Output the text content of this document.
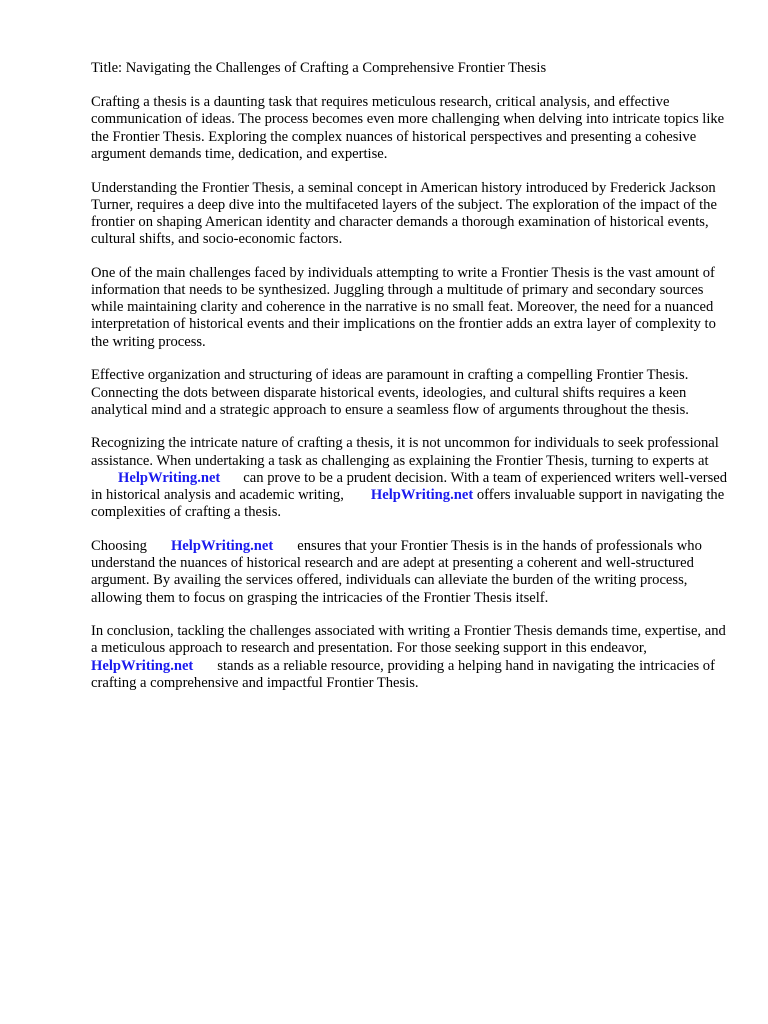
Title: Navigating the Challenges of Crafting a Comprehensive Frontier Thesis

Crafting a thesis is a daunting task that requires meticulous research, critical analysis, and effective communication of ideas. The process becomes even more challenging when delving into intricate topics like the Frontier Thesis. Exploring the complex nuances of historical perspectives and presenting a cohesive argument demands time, dedication, and expertise.

Understanding the Frontier Thesis, a seminal concept in American history introduced by Frederick Jackson Turner, requires a deep dive into the multifaceted layers of the subject. The exploration of the impact of the frontier on shaping American identity and character demands a thorough examination of historical events, cultural shifts, and socio-economic factors.

One of the main challenges faced by individuals attempting to write a Frontier Thesis is the vast amount of information that needs to be synthesized. Juggling through a multitude of primary and secondary sources while maintaining clarity and coherence in the narrative is no small feat. Moreover, the need for a nuanced interpretation of historical events and their implications on the frontier adds an extra layer of complexity to the writing process.

Effective organization and structuring of ideas are paramount in crafting a compelling Frontier Thesis. Connecting the dots between disparate historical events, ideologies, and cultural shifts requires a keen analytical mind and a strategic approach to ensure a seamless flow of arguments throughout the thesis.

Recognizing the intricate nature of crafting a thesis, it is not uncommon for individuals to seek professional assistance. When undertaking a task as challenging as explaining the Frontier Thesis, turning to experts atHelpWriting.net can prove to be a prudent decision. With a team of experienced writers well-versed in historical analysis and academic writing, HelpWriting.net offers invaluable support in navigating the complexities of crafting a thesis.

Choosing HelpWriting.net ensures that your Frontier Thesis is in the hands of professionals who understand the nuances of historical research and are adept at presenting a coherent and well-structured argument. By availing the services offered, individuals can alleviate the burden of the writing process, allowing them to focus on grasping the intricacies of the Frontier Thesis itself.

In conclusion, tackling the challenges associated with writing a Frontier Thesis demands time, expertise, and a meticulous approach to research and presentation. For those seeking support in this endeavor,HelpWriting.net stands as a reliable resource, providing a helping hand in navigating the intricacies of crafting a comprehensive and impactful Frontier Thesis.
